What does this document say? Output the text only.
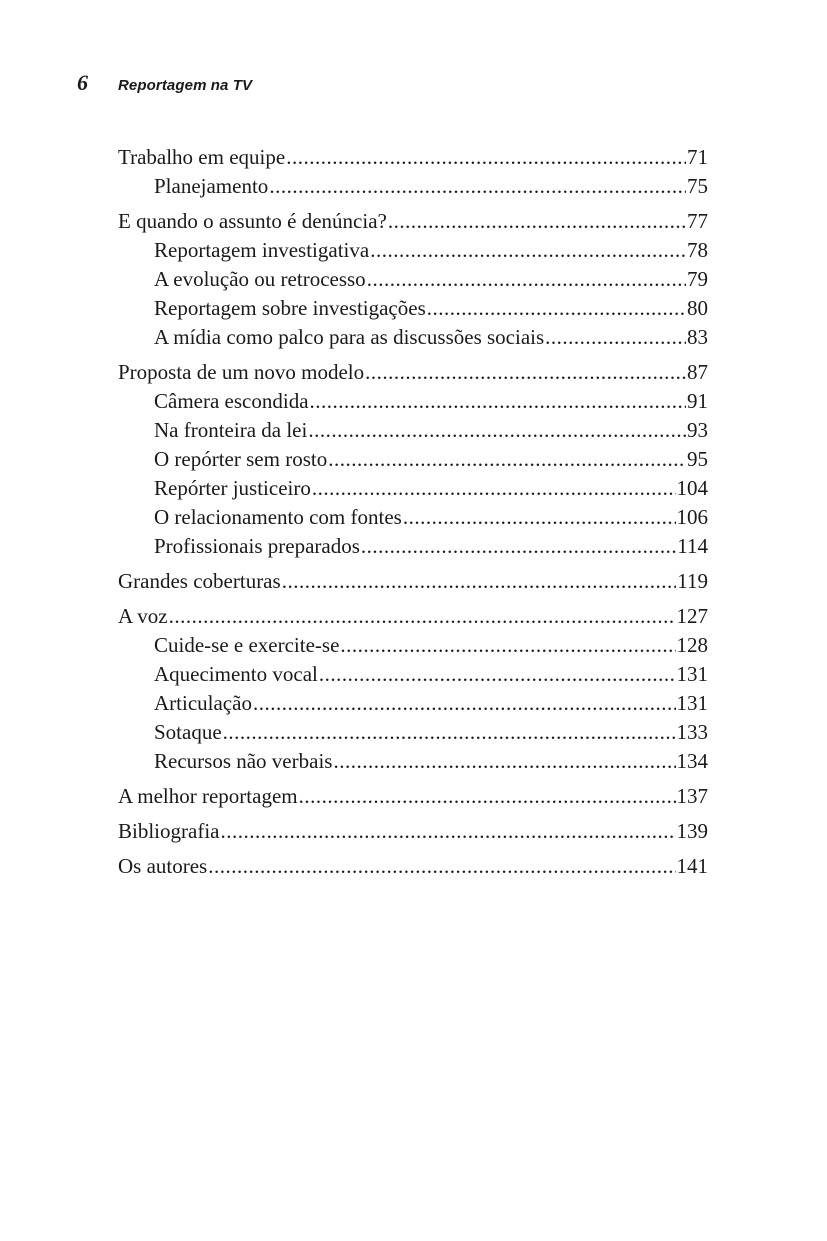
6	Reportagem na TV
Trabalho em equipe .....	71
Planejamento .....	75
E quando o assunto é denúncia? .....	77
Reportagem investigativa .....	78
A evolução ou retrocesso .....	79
Reportagem sobre investigações .....	80
A mídia como palco para as discussões sociais .....	83
Proposta de um novo modelo .....	87
Câmera escondida .....	91
Na fronteira da lei .....	93
O repórter sem rosto .....	95
Repórter justiceiro .....	104
O relacionamento com fontes .....	106
Profissionais preparados .....	114
Grandes coberturas .....	119
A voz .....	127
Cuide-se e exercite-se .....	128
Aquecimento vocal .....	131
Articulação .....	131
Sotaque .....	133
Recursos não verbais .....	134
A melhor reportagem .....	137
Bibliografia .....	139
Os autores .....	141
